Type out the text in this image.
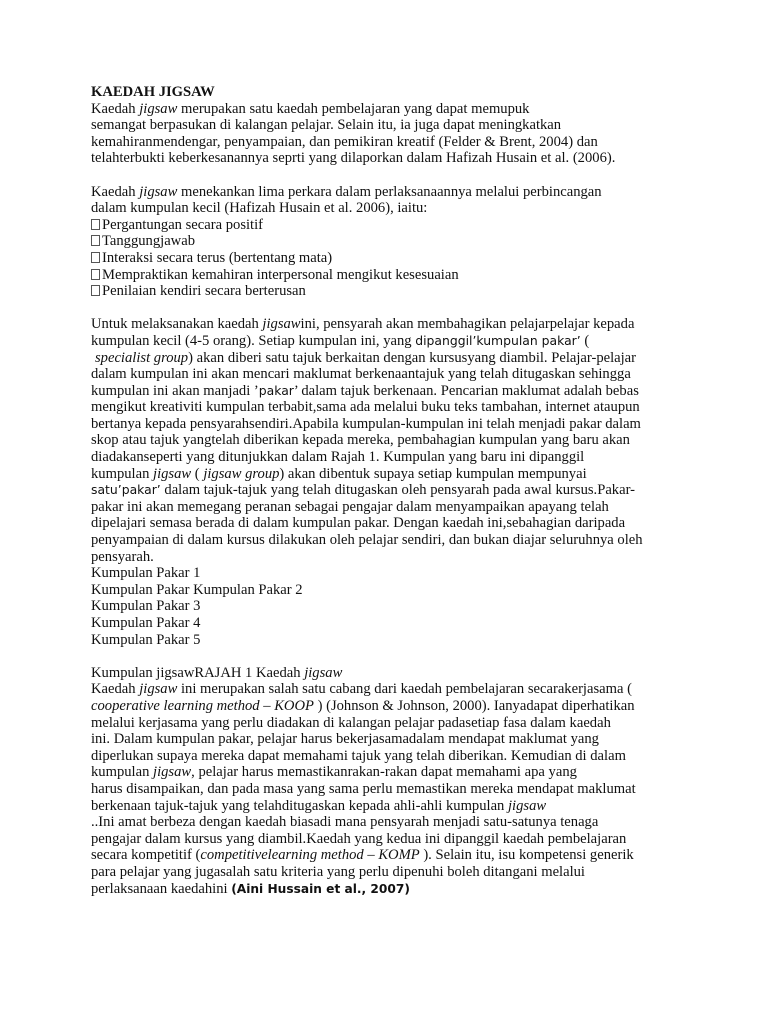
KAEDAH JIGSAW
Kaedah jigsaw merupakan satu kaedah pembelajaran yang dapat memupuk
semangat berpasukan di kalangan pelajar. Selain itu, ia juga dapat meningkatkan
kemahiranmendengar, penyampaian, dan pemikiran kreatif (Felder & Brent, 2004) dan
telahterbukti keberkesanannya seprti yang dilaporkan dalam Hafizah Husain et al. (2006).
Kaedah jigsaw menekankan lima perkara dalam perlaksanaannya melalui perbincangan
dalam kumpulan kecil (Hafizah Husain et al. 2006), iaitu:
Pergantungan secara positif
Tanggungjawab
Interaksi secara terus (bertentang mata)
Mempraktikan kemahiran interpersonal mengikut kesesuaian
Penilaian kendiri secara berterusan
Untuk melaksanakan kaedah jigsawini, pensyarah akan membahagikan pelajarpelajar kepada
kumpulan kecil (4-5 orang). Setiap kumpulan ini, yang dipanggil’kumpulan pakar’ (
specialist group) akan diberi satu tajuk berkaitan dengan kursusyang diambil. Pelajar-pelajar
dalam kumpulan ini akan mencari maklumat berkenaantajuk yang telah ditugaskan sehingga
kumpulan ini akan manjadi ’pakar’ dalam tajuk berkenaan. Pencarian maklumat adalah bebas
mengikut kreativiti kumpulan terbabit,sama ada melalui buku teks tambahan, internet ataupun
bertanya kepada pensyarahsendiri.Apabila kumpulan-kumpulan ini telah menjadi pakar dalam
skop atau tajuk yangtelah diberikan kepada mereka, pembahagian kumpulan yang baru akan
diadakanseperti yang ditunjukkan dalam Rajah 1. Kumpulan yang baru ini dipanggil
kumpulan jigsaw ( jigsaw group) akan dibentuk supaya setiap kumpulan mempunyai
satu’pakar’ dalam tajuk-tajuk yang telah ditugaskan oleh pensyarah pada awal kursus.Pakar-
pakar ini akan memegang peranan sebagai pengajar dalam menyampaikan apayang telah
dipelajari semasa berada di dalam kumpulan pakar. Dengan kaedah ini,sebahagian daripada
penyampaian di dalam kursus dilakukan oleh pelajar sendiri, dan bukan diajar seluruhnya oleh
pensyarah.
Kumpulan Pakar 1
Kumpulan Pakar Kumpulan Pakar 2
Kumpulan Pakar 3
Kumpulan Pakar 4
Kumpulan Pakar 5
Kumpulan jigsawRAJAH 1 Kaedah jigsaw
Kaedah jigsaw ini merupakan salah satu cabang dari kaedah pembelajaran secarakerjasama (
cooperative learning method – KOOP ) (Johnson & Johnson, 2000). Ianyadapat diperhatikan
melalui kerjasama yang perlu diadakan di kalangan pelajar padasetiap fasa dalam kaedah
ini. Dalam kumpulan pakar, pelajar harus bekerjasamadalam mendapat maklumat yang
diperlukan supaya mereka dapat memahami tajuk yang telah diberikan. Kemudian di dalam
kumpulan jigsaw, pelajar harus memastikanrakan-rakan dapat memahami apa yang
harus disampaikan, dan pada masa yang sama perlu memastikan mereka mendapat maklumat
berkenaan tajuk-tajuk yang telahditugaskan kepada ahli-ahli kumpulan jigsaw
..Ini amat berbeza dengan kaedah biasadi mana pensyarah menjadi satu-satunya tenaga
pengajar dalam kursus yang diambil.Kaedah yang kedua ini dipanggil kaedah pembelajaran
secara kompetitif (competitivelearning method – KOMP ). Selain itu, isu kompetensi generik
para pelajar yang jugasalah satu kriteria yang perlu dipenuhi boleh ditangani melalui
perlaksanaan kaedahini (Aini Hussain et al., 2007)
